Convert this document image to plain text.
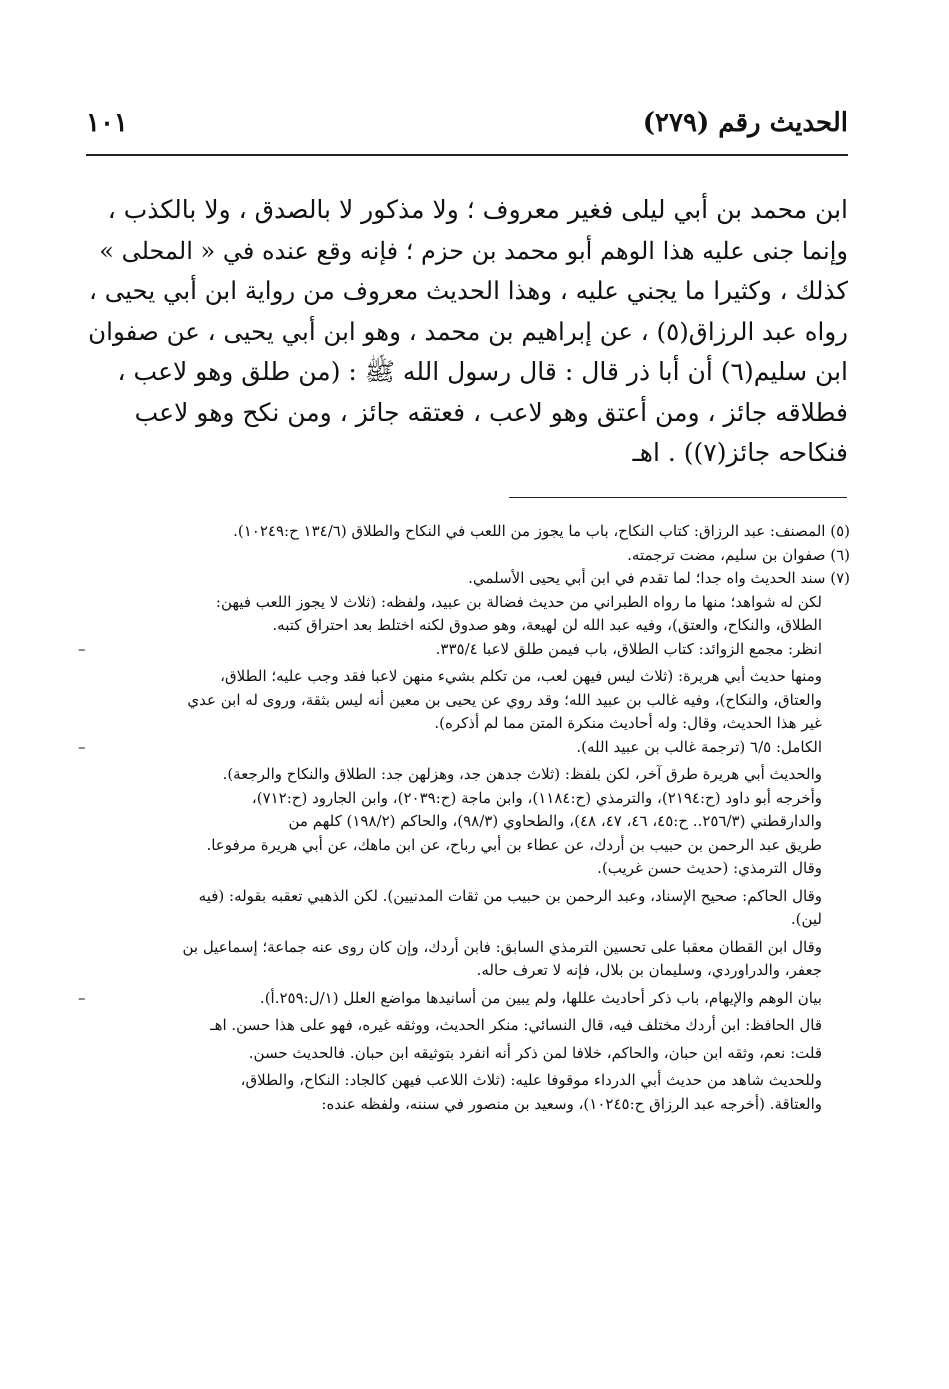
الحديث رقم (٢٧٩)
١٠١
ابن محمد بن أبي ليلى فغير معروف ؛ ولا مذكور لا بالصدق ، ولا بالكذب ،
وإنما جنى عليه هذا الوهم أبو محمد بن حزم ؛ فإنه وقع عنده في « المحلى »
كذلك ، وكثيرا ما يجني عليه ، وهذا الحديث معروف من رواية ابن أبي يحيى ،
رواه عبد الرزاق(٥) ، عن إبراهيم بن محمد ، وهو ابن أبي يحيى ، عن صفوان
ابن سليم(٦) أن أبا ذر قال : قال رسول الله ﷺ : (من طلق وهو لاعب ،
فطلاقه جائز ، ومن أعتق وهو لاعب ، فعتقه جائز ، ومن نكح وهو لاعب
فنكاحه جائز(٧)) . اهـ
(٥) المصنف: عبد الرزاق: كتاب النكاح، باب ما يجوز من اللعب في النكاح والطلاق (١٣٤/٦ ح:١٠٢٤٩).
(٦) صفوان بن سليم، مضت ترجمته.
(٧) سند الحديث واه جدا؛ لما تقدم في ابن أبي يحيى الأسلمي.
لكن له شواهد؛ منها ما رواه الطبراني من حديث فضالة بن عبيد، ولفظه: (ثلاث لا يجوز اللعب فيهن:
الطلاق، والنكاح، والعتق)، وفيه عبد الله لن لهيعة، وهو صدوق لكنه اختلط بعد احتراق كتبه.
انظر: مجمع الزوائد: كتاب الطلاق، باب فيمن طلق لاعبا ٣٣٥/٤.
–
ومنها حديث أبي هريرة: (ثلاث ليس فيهن لعب، من تكلم بشيء منهن لاعبا فقد وجب عليه؛ الطلاق،
والعتاق، والنكاح)، وفيه غالب بن عبيد الله؛ وقد روي عن يحيى بن معين أنه ليس بثقة، وروى له ابن عدي
غير هذا الحديث، وقال: وله أحاديث منكرة المتن مما لم أذكره).
الكامل: ٦/٥ (ترجمة غالب بن عبيد الله).
–
والحديث أبي هريرة طرق آخر، لكن بلفظ: (ثلاث جدهن جد، وهزلهن جد: الطلاق والنكاح والرجعة).
وأخرجه أبو داود (ح:٢١٩٤)، والترمذي (ح:١١٨٤)، وابن ماجة (ح:٢٠٣٩)، وابن الجارود (ح:٧١٢)،
والدارقطني (٢٥٦/٣.. ح:٤٥، ٤٦، ٤٧، ٤٨)، والطحاوي (٩٨/٣)، والحاكم (١٩٨/٢) كلهم من
طريق عبد الرحمن بن حبيب بن أردك، عن عطاء بن أبي رباح، عن ابن ماهك، عن أبي هريرة مرفوعا.
وقال الترمذي: (حديث حسن غريب).
وقال الحاكم: صحيح الإسناد، وعبد الرحمن بن حبيب من ثقات المدنيين). لكن الذهبي تعقبه بقوله: (فيه
لين).
وقال ابن القطان معقبا على تحسين الترمذي السابق: فابن أردك، وإن كان روى عنه جماعة؛ إسماعيل بن
جعفر، والدراوردي، وسليمان بن بلال، فإنه لا تعرف حاله.
بيان الوهم والإيهام، باب ذكر أحاديث عللها، ولم يبين من أسانيدها مواضع العلل (١/ل:٢٥٩.أ).
–
قال الحافظ: ابن أردك مختلف فيه، قال النسائي: منكر الحديث، ووثقه غيره، فهو على هذا حسن. اهـ
قلت: نعم، وثقه ابن حبان، والحاكم، خلافا لمن ذكر أنه انفرد بتوثيقه ابن حبان. فالحديث حسن.
وللحديث شاهد من حديث أبي الدرداء موقوفا عليه: (ثلاث اللاعب فيهن كالجاد: النكاح، والطلاق،
والعتاقة. (أخرجه عبد الرزاق ح:١٠٢٤٥)، وسعيد بن منصور في سننه، ولفظه عنده:
